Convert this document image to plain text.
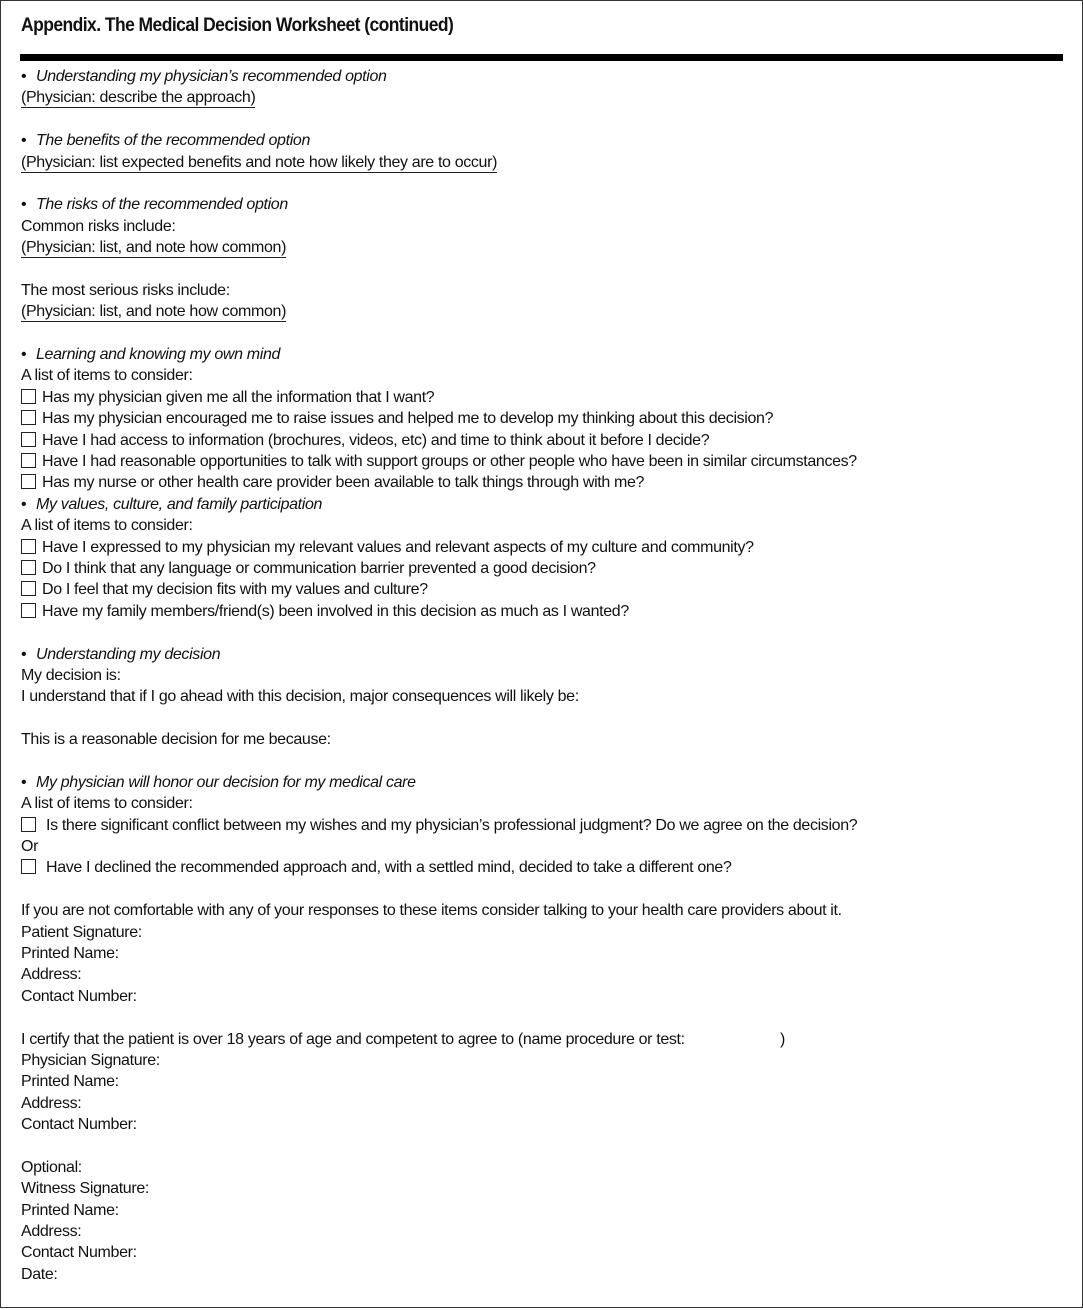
Appendix. The Medical Decision Worksheet (continued)
• Understanding my physician’s recommended option
(Physician: describe the approach)
• The benefits of the recommended option
(Physician: list expected benefits and note how likely they are to occur)
• The risks of the recommended option
Common risks include:
(Physician: list, and note how common)
The most serious risks include:
(Physician: list, and note how common)
• Learning and knowing my own mind
A list of items to consider:
Has my physician given me all the information that I want?
Has my physician encouraged me to raise issues and helped me to develop my thinking about this decision?
Have I had access to information (brochures, videos, etc) and time to think about it before I decide?
Have I had reasonable opportunities to talk with support groups or other people who have been in similar circumstances?
Has my nurse or other health care provider been available to talk things through with me?
• My values, culture, and family participation
A list of items to consider:
Have I expressed to my physician my relevant values and relevant aspects of my culture and community?
Do I think that any language or communication barrier prevented a good decision?
Do I feel that my decision fits with my values and culture?
Have my family members/friend(s) been involved in this decision as much as I wanted?
• Understanding my decision
My decision is:
I understand that if I go ahead with this decision, major consequences will likely be:
This is a reasonable decision for me because:
• My physician will honor our decision for my medical care
A list of items to consider:
Is there significant conflict between my wishes and my physician’s professional judgment? Do we agree on the decision?
Or
Have I declined the recommended approach and, with a settled mind, decided to take a different one?
If you are not comfortable with any of your responses to these items consider talking to your health care providers about it.
Patient Signature:
Printed Name:
Address:
Contact Number:
I certify that the patient is over 18 years of age and competent to agree to (name procedure or test:	)
Physician Signature:
Printed Name:
Address:
Contact Number:
Optional:
Witness Signature:
Printed Name:
Address:
Contact Number:
Date:
